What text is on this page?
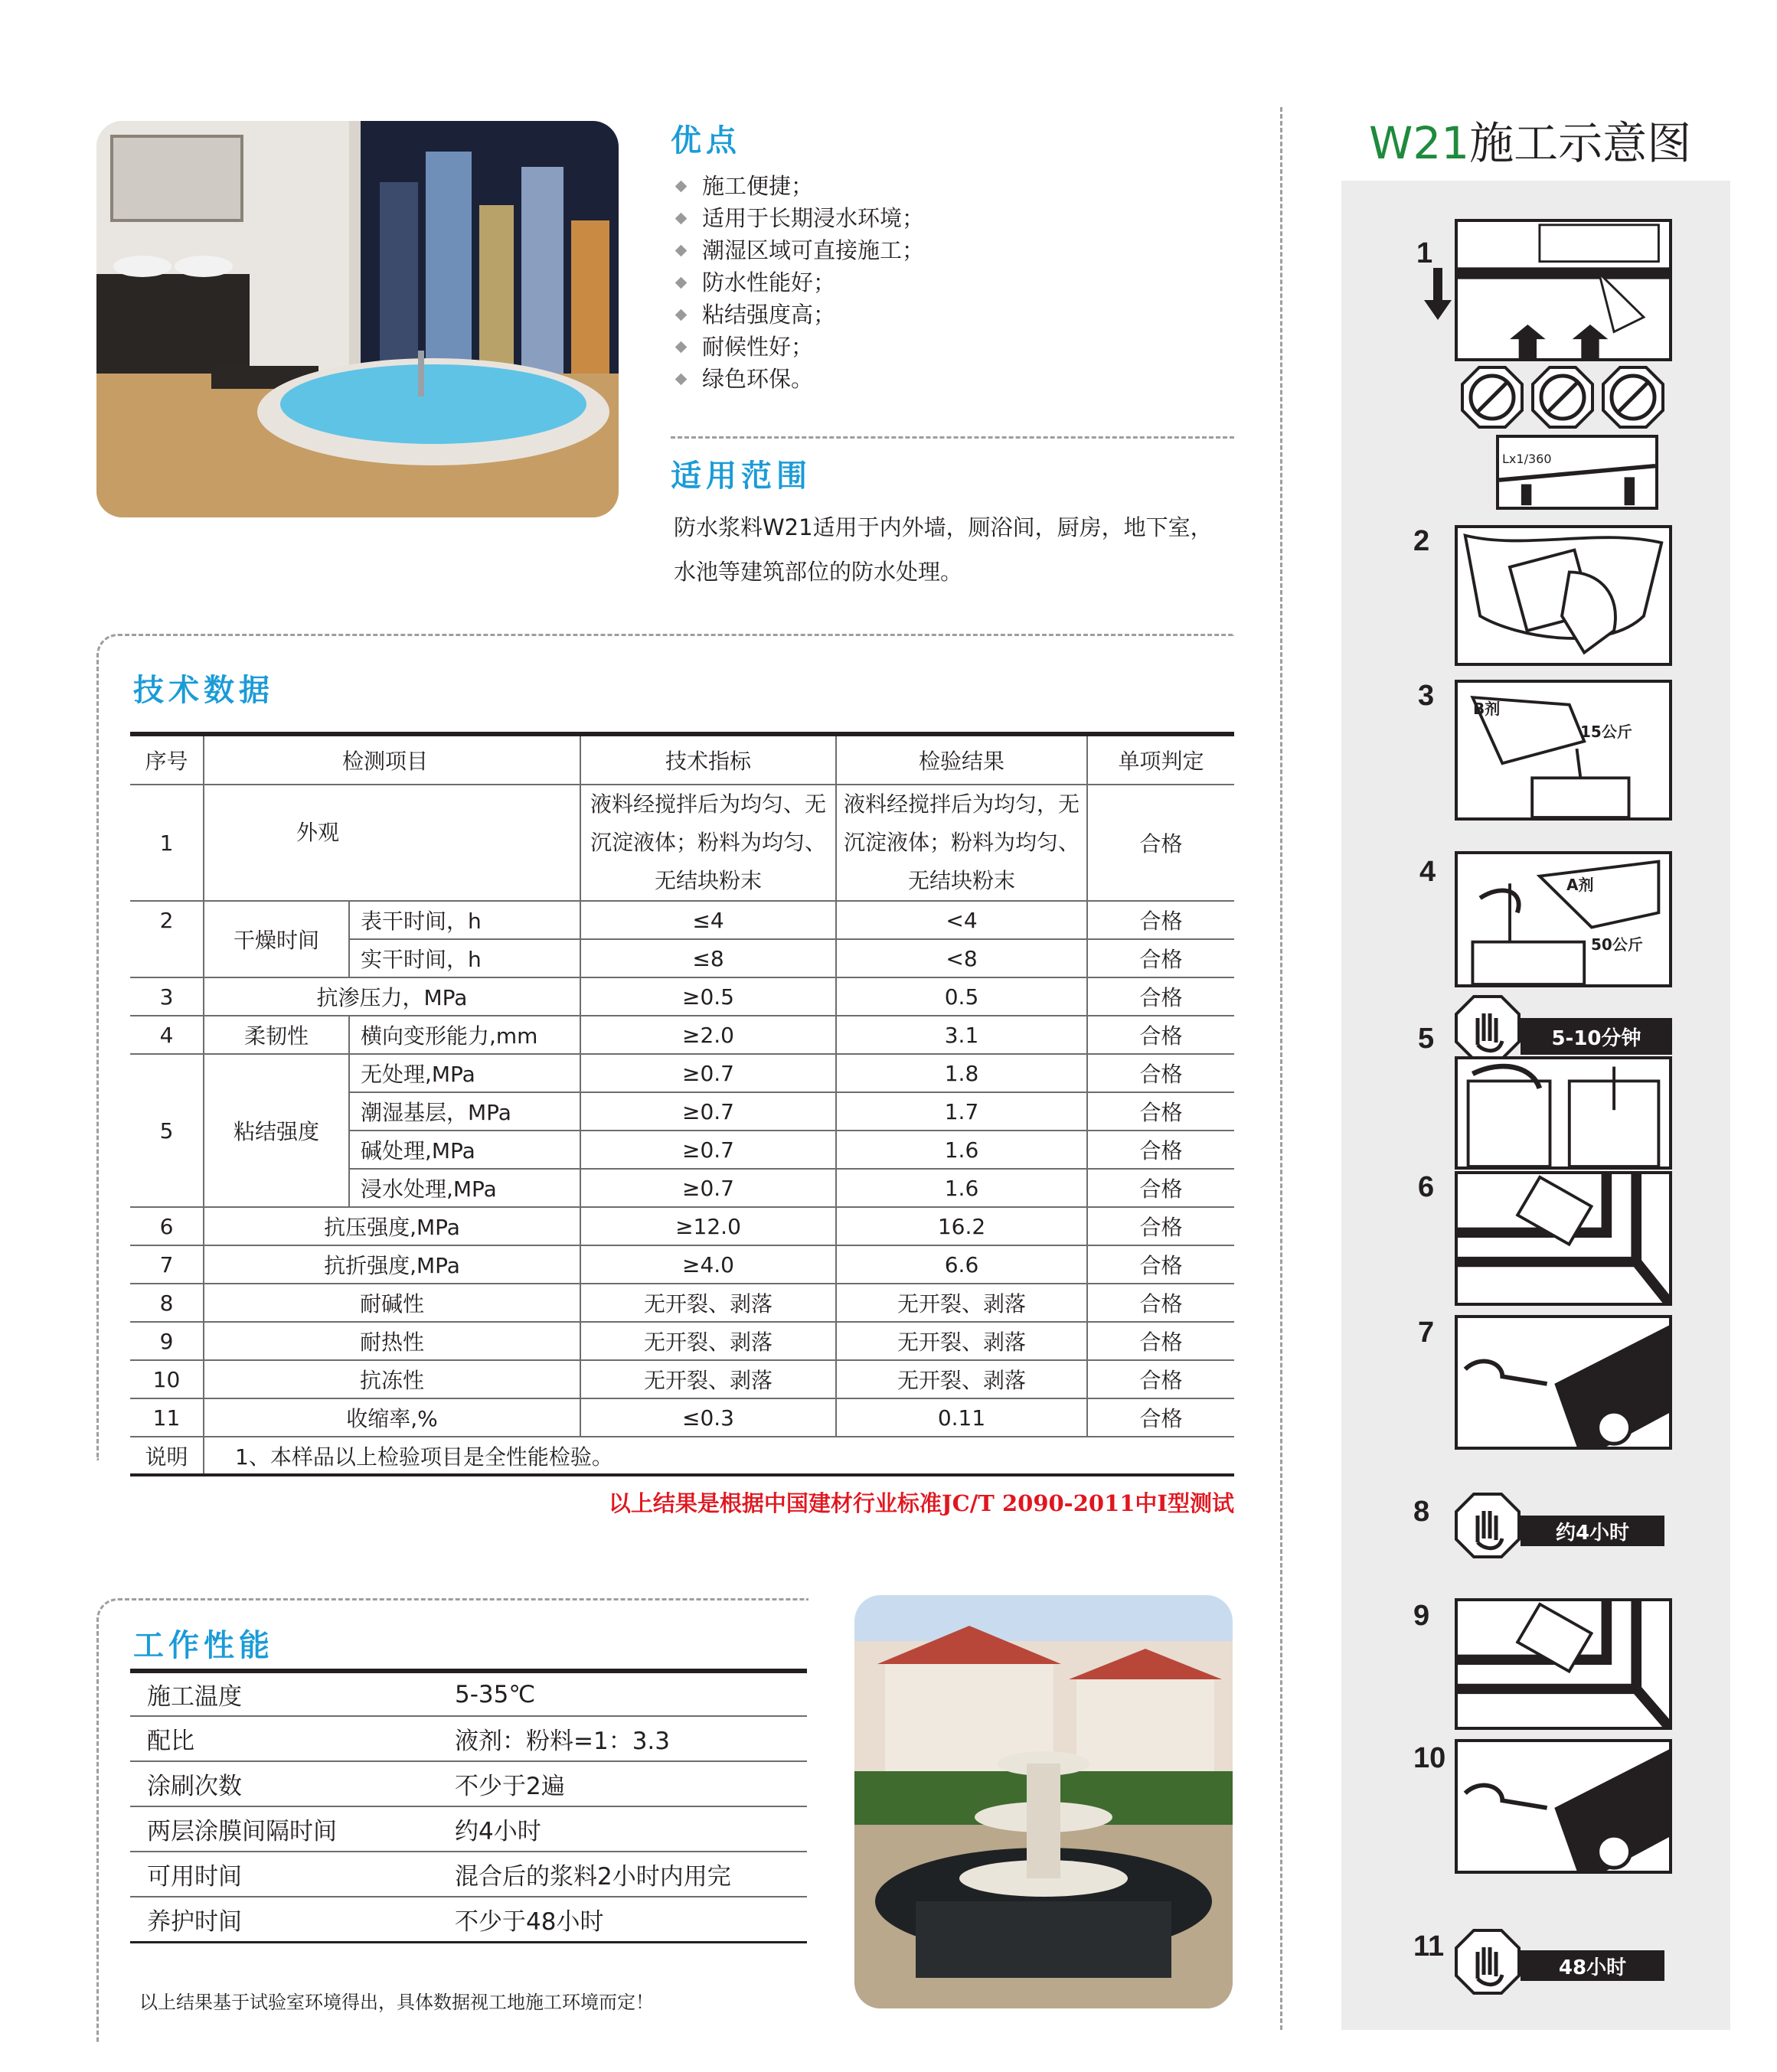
优点
施工便捷；
适用于长期浸水环境；
潮湿区域可直接施工；
防水性能好；
粘结强度高；
耐候性好；
绿色环保。
适用范围
防水浆料W21适用于内外墙，厕浴间，厨房，地下室，水池等建筑部位的防水处理。
技术数据
序号	检测项目		技术指标	检验结果	单项判定
1	外观		液料经搅拌后为均匀、无沉淀液体；粉料为均匀、无结块粉末	液料经搅拌后为均匀，无沉淀液体；粉料为均匀、无结块粉末	合格
2	干燥时间	表干时间，h	≤4	<4	合格
		实干时间，h	≤8	<8	合格
3	抗渗压力，MPa		≥0.5	0.5	合格
4	柔韧性	横向变形能力,mm	≥2.0	3.1	合格
5	粘结强度	无处理,MPa	≥0.7	1.8	合格
		潮湿基层，MPa	≥0.7	1.7	合格
		碱处理,MPa	≥0.7	1.6	合格
		浸水处理,MPa	≥0.7	1.6	合格
6	抗压强度,MPa		≥12.0	16.2	合格
7	抗折强度,MPa		≥4.0	6.6	合格
8	耐碱性		无开裂、剥落	无开裂、剥落	合格
9	耐热性		无开裂、剥落	无开裂、剥落	合格
10	抗冻性		无开裂、剥落	无开裂、剥落	合格
11	收缩率,%		≤0.3	0.11	合格
说明	1、本样品以上检验项目是全性能检验。				
以上结果是根据中国建材行业标准JC/T 2090-2011中I型测试
工作性能
施工温度	5-35℃
配比	液剂：粉料=1：3.3
涂刷次数	不少于2遍
两层涂膜间隔时间	约4小时
可用时间	混合后的浆料2小时内用完
养护时间	不少于48小时
以上结果基于试验室环境得出，具体数据视工地施工环境而定！
W21施工示意图
1
Lx1/360
2
3	B剂
15公斤
4	A剂
50公斤
5	5-10分钟
6
7
8
约4小时
9
10
11
48小时
